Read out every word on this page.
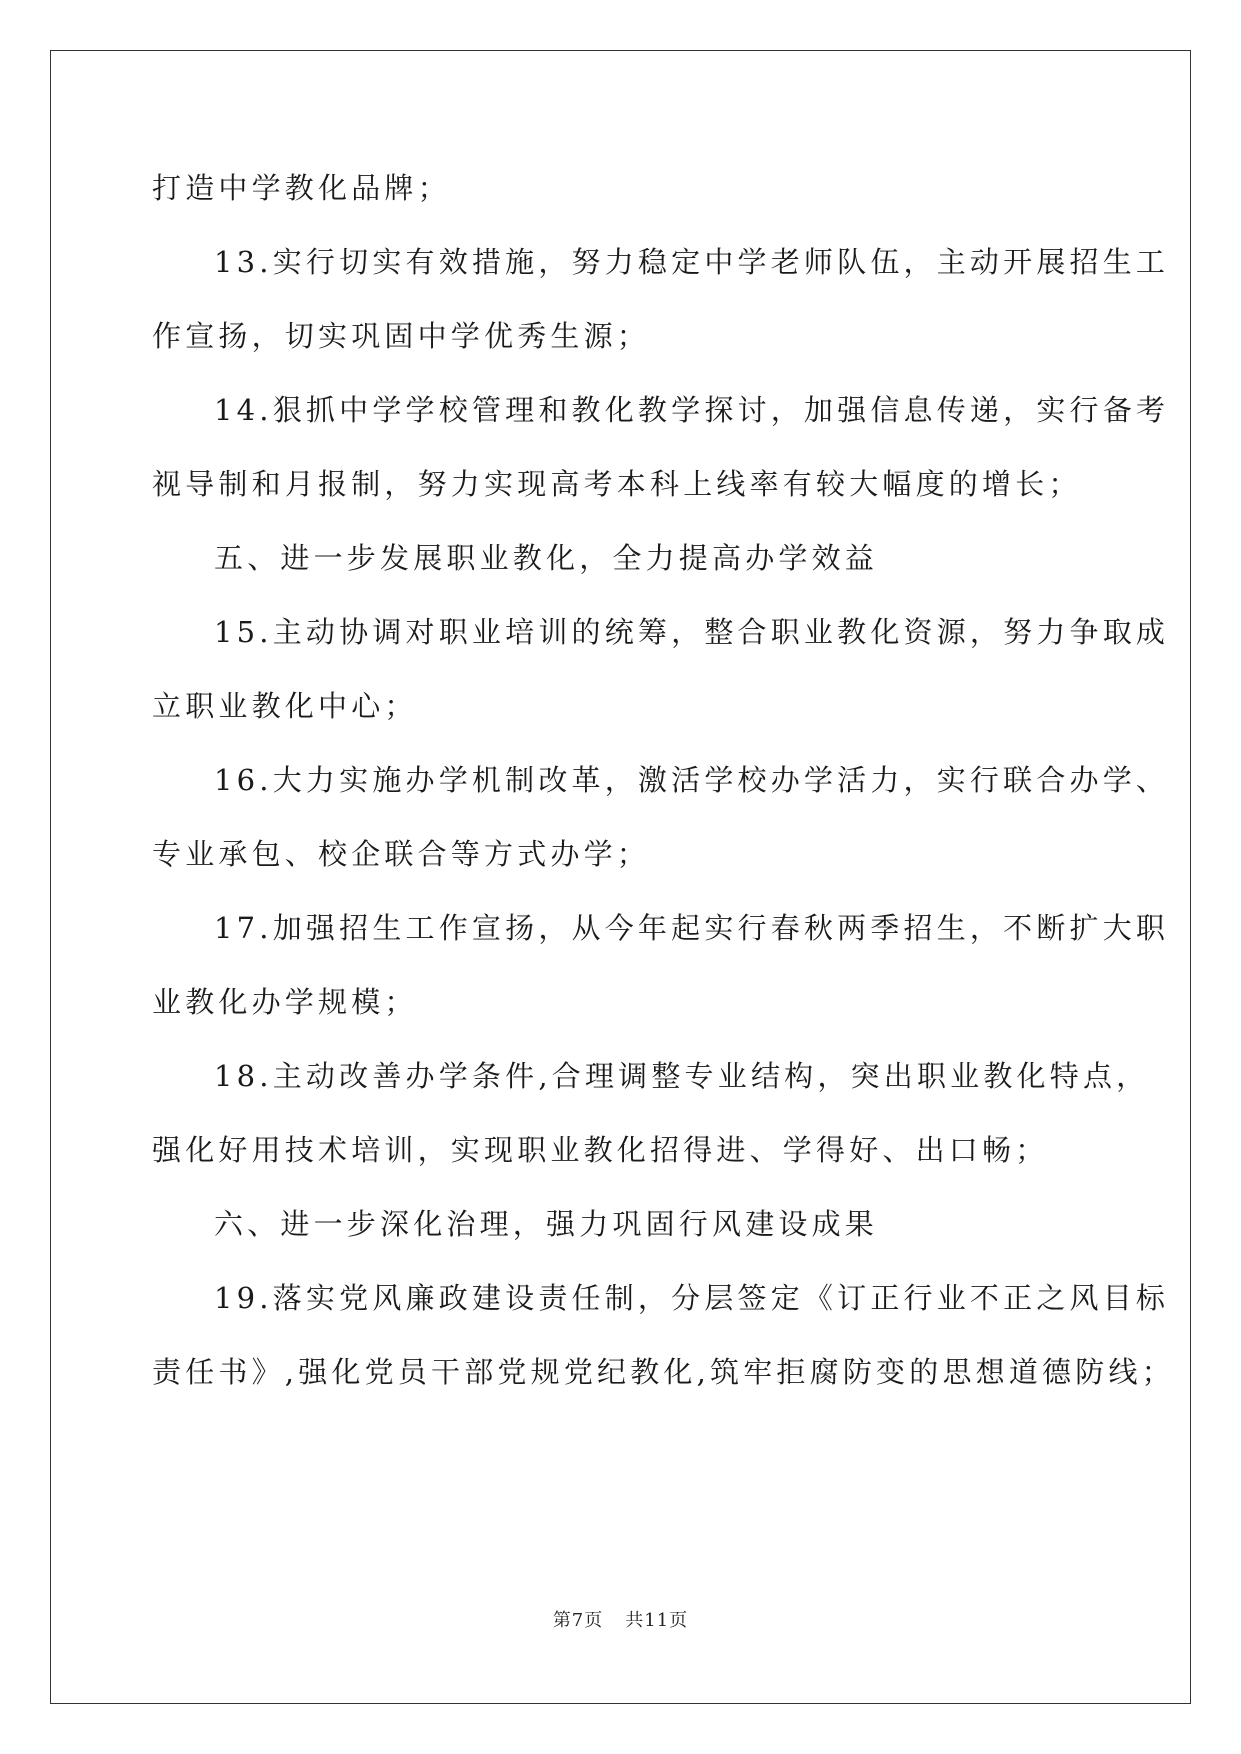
打造中学教化品牌；
13.实行切实有效措施，努力稳定中学老师队伍，主动开展招生工
作宣扬，切实巩固中学优秀生源；
14.狠抓中学学校管理和教化教学探讨，加强信息传递，实行备考
视导制和月报制，努力实现高考本科上线率有较大幅度的增长；
五、进一步发展职业教化，全力提高办学效益
15.主动协调对职业培训的统筹，整合职业教化资源，努力争取成
立职业教化中心；
16.大力实施办学机制改革，激活学校办学活力，实行联合办学、
专业承包、校企联合等方式办学；
17.加强招生工作宣扬，从今年起实行春秋两季招生，不断扩大职
业教化办学规模；
18.主动改善办学条件,合理调整专业结构，突出职业教化特点，
强化好用技术培训，实现职业教化招得进、学得好、出口畅；
六、进一步深化治理，强力巩固行风建设成果
19.落实党风廉政建设责任制，分层签定《订正行业不正之风目标
责任书》,强化党员干部党规党纪教化,筑牢拒腐防变的思想道德防线；
第7页 共11页
